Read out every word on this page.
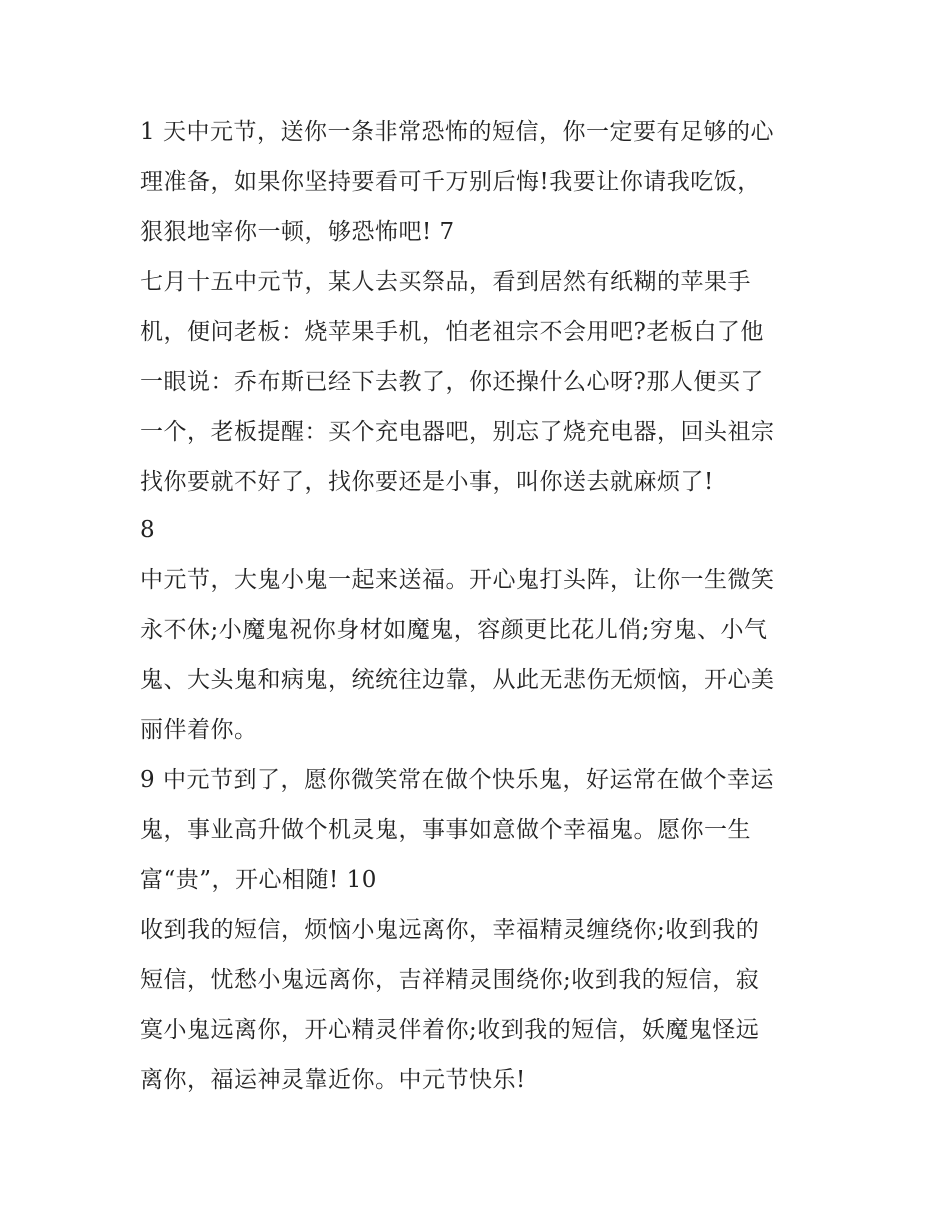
1 天中元节，送你一条非常恐怖的短信，你一定要有足够的心
理准备，如果你坚持要看可千万别后悔!我要让你请我吃饭，
狠狠地宰你一顿，够恐怖吧! 7
七月十五中元节，某人去买祭品，看到居然有纸糊的苹果手
机，便问老板：烧苹果手机，怕老祖宗不会用吧?老板白了他
一眼说：乔布斯已经下去教了，你还操什么心呀?那人便买了
一个，老板提醒：买个充电器吧，别忘了烧充电器，回头祖宗
找你要就不好了，找你要还是小事，叫你送去就麻烦了!
8
中元节，大鬼小鬼一起来送福。开心鬼打头阵，让你一生微笑
永不休;小魔鬼祝你身材如魔鬼，容颜更比花儿俏;穷鬼、小气
鬼、大头鬼和病鬼，统统往边靠，从此无悲伤无烦恼，开心美
丽伴着你。
9 中元节到了，愿你微笑常在做个快乐鬼，好运常在做个幸运
鬼，事业高升做个机灵鬼，事事如意做个幸福鬼。愿你一生
富“贵”，开心相随! 10
收到我的短信，烦恼小鬼远离你，幸福精灵缠绕你;收到我的
短信，忧愁小鬼远离你，吉祥精灵围绕你;收到我的短信，寂
寞小鬼远离你，开心精灵伴着你;收到我的短信，妖魔鬼怪远
离你，福运神灵靠近你。中元节快乐!
